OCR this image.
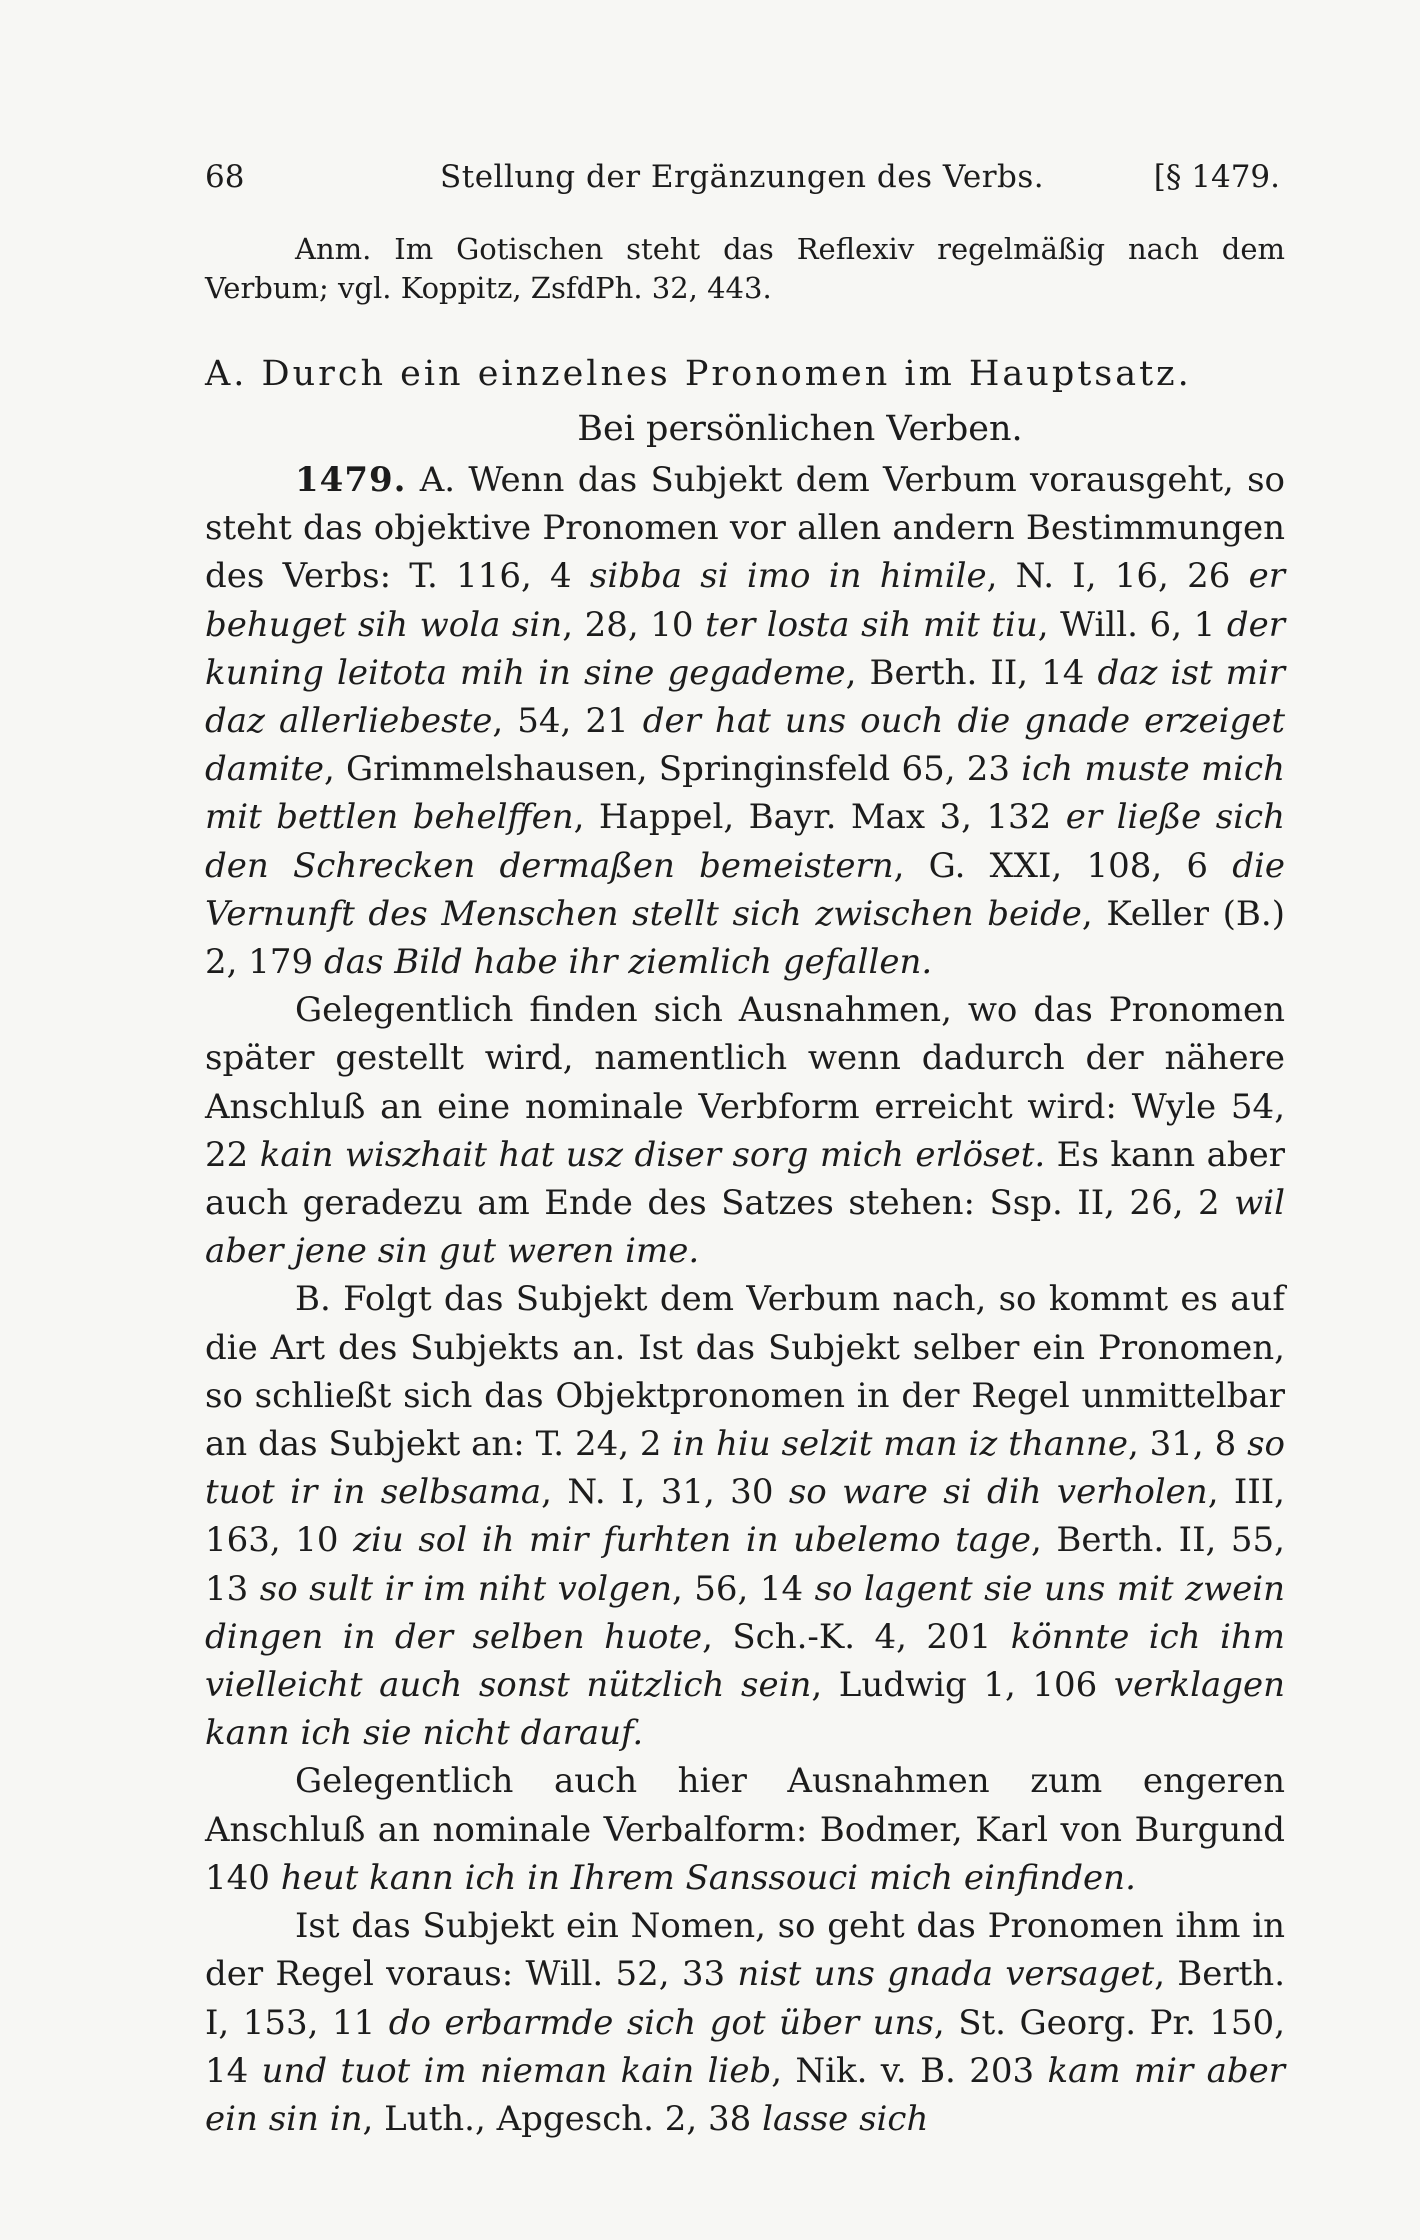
68	Stellung der Ergänzungen des Verbs.	[§ 1479.

Anm. Im Gotischen steht das Reflexiv regelmäßig nach dem Verbum; vgl. Koppitz, ZsfdPh. 32, 443.

A. Durch ein einzelnes Pronomen im Hauptsatz.

Bei persönlichen Verben.

1479. A. Wenn das Subjekt dem Verbum vorausgeht, so steht das objektive Pronomen vor allen andern Bestimmungen des Verbs: T. 116, 4 sibba si imo in himile, N. I, 16, 26 er behuget sih wola sin, 28, 10 ter losta sih mit tiu, Will. 6, 1 der kuning leitota mih in sine gegademe, Berth. II, 14 daz ist mir daz allerliebeste, 54, 21 der hat uns ouch die gnade erzeiget damite, Grimmelshausen, Springinsfeld 65, 23 ich muste mich mit bettlen behelffen, Happel, Bayr. Max 3, 132 er ließe sich den Schrecken dermaßen bemeistern, G. XXI, 108, 6 die Vernunft des Menschen stellt sich zwischen beide, Keller (B.) 2, 179 das Bild habe ihr ziemlich gefallen.

Gelegentlich finden sich Ausnahmen, wo das Pronomen später gestellt wird, namentlich wenn dadurch der nähere Anschluß an eine nominale Verbform erreicht wird: Wyle 54, 22 kain wiszhait hat usz diser sorg mich erlöset. Es kann aber auch geradezu am Ende des Satzes stehen: Ssp. II, 26, 2 wil aber jene sin gut weren ime.

B. Folgt das Subjekt dem Verbum nach, so kommt es auf die Art des Subjekts an. Ist das Subjekt selber ein Pronomen, so schließt sich das Objektpronomen in der Regel unmittelbar an das Subjekt an: T. 24, 2 in hiu selzit man iz thanne, 31, 8 so tuot ir in selbsama, N. I, 31, 30 so ware si dih verholen, III, 163, 10 ziu sol ih mir furhten in ubelemo tage, Berth. II, 55, 13 so sult ir im niht volgen, 56, 14 so lagent sie uns mit zwein dingen in der selben huote, Sch.-K. 4, 201 könnte ich ihm vielleicht auch sonst nützlich sein, Ludwig 1, 106 verklagen kann ich sie nicht darauf.

Gelegentlich auch hier Ausnahmen zum engeren Anschluß an nominale Verbalform: Bodmer, Karl von Burgund 140 heut kann ich in Ihrem Sanssouci mich einfinden.

Ist das Subjekt ein Nomen, so geht das Pronomen ihm in der Regel voraus: Will. 52, 33 nist uns gnada versaget, Berth. I, 153, 11 do erbarmde sich got über uns, St. Georg. Pr. 150, 14 und tuot im nieman kain lieb, Nik. v. B. 203 kam mir aber ein sin in, Luth., Apgesch. 2, 38 lasse sich
